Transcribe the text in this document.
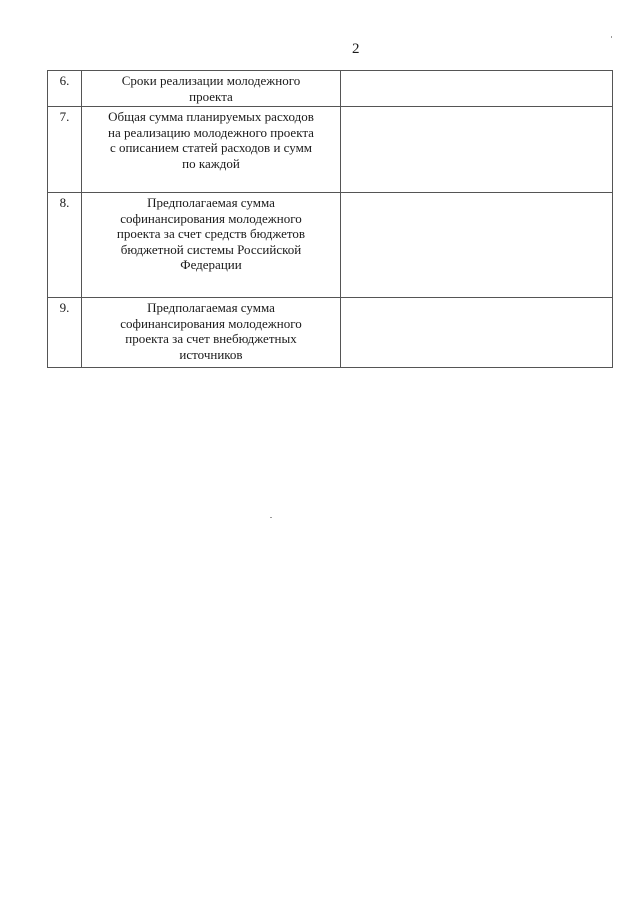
2
6.	Сроки реализации молодежного
проекта	
7.	Общая сумма планируемых расходов
на реализацию молодежного проекта
с описанием статей расходов и сумм
по каждой	
8.	Предполагаемая сумма
софинансирования молодежного
проекта за счет средств бюджетов
бюджетной системы Российской
Федерации	
9.	Предполагаемая сумма
софинансирования молодежного
проекта за счет внебюджетных
источников	
